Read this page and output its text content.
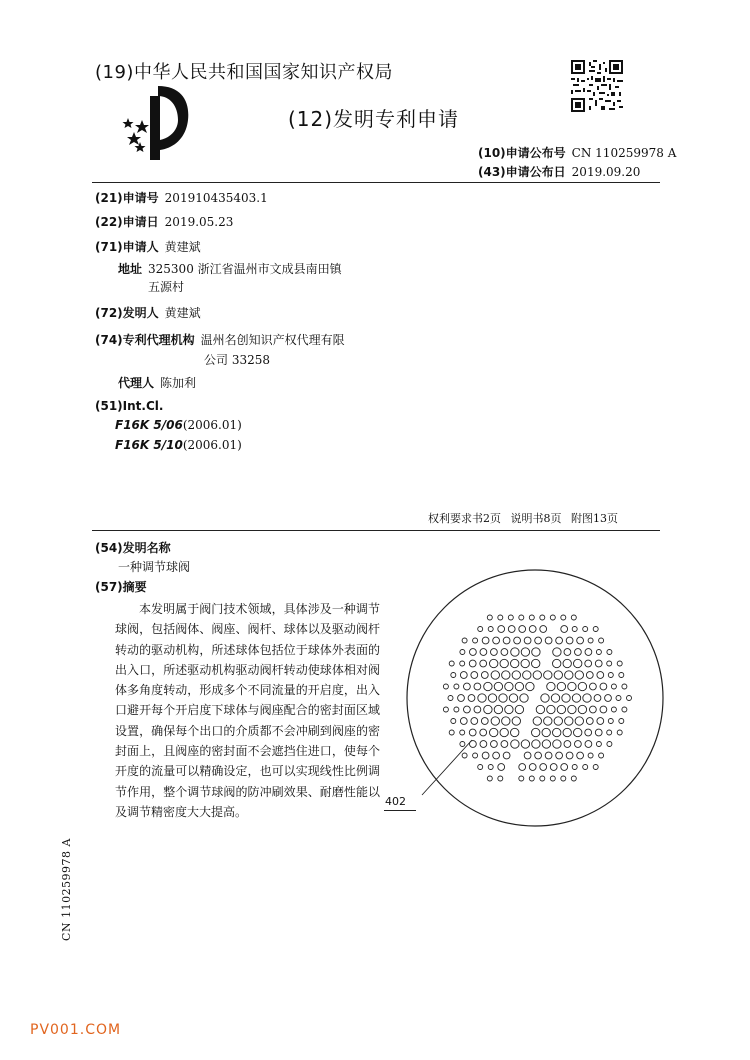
(19)中华人民共和国国家知识产权局
(12)发明专利申请
(10)申请公布号 CN 110259978 A
(43)申请公布日 2019.09.20
(21)申请号 201910435403.1
(22)申请日 2019.05.23
(71)申请人 黄建斌
地址 325300 浙江省温州市文成县南田镇
五源村
(72)发明人 黄建斌
(74)专利代理机构 温州名创知识产权代理有限
公司 33258
代理人 陈加利
(51)Int.Cl.
F16K 5/06(2006.01)
F16K 5/10(2006.01)
权利要求书2页 说明书8页 附图13页
(54)发明名称
一种调节球阀
(57)摘要

本发明属于阀门技术领域，具体涉及一种调节球阀，包括阀体、阀座、阀杆、球体以及驱动阀杆转动的驱动机构，所述球体包括位于球体外表面的出入口，所述驱动机构驱动阀杆转动使球体相对阀体多角度转动，形成多个不同流量的开启度，出入口避开每个开启度下球体与阀座配合的密封面区域设置，确保每个出口的介质都不会冲刷到阀座的密封面上，且阀座的密封面不会遮挡住进口，使每个开度的流量可以精确设定，也可以实现线性比例调节作用，整个调节球阀的防冲刷效果、耐磨性能以及调节精密度大大提高。

402
CN 110259978 A
PV001.COM
